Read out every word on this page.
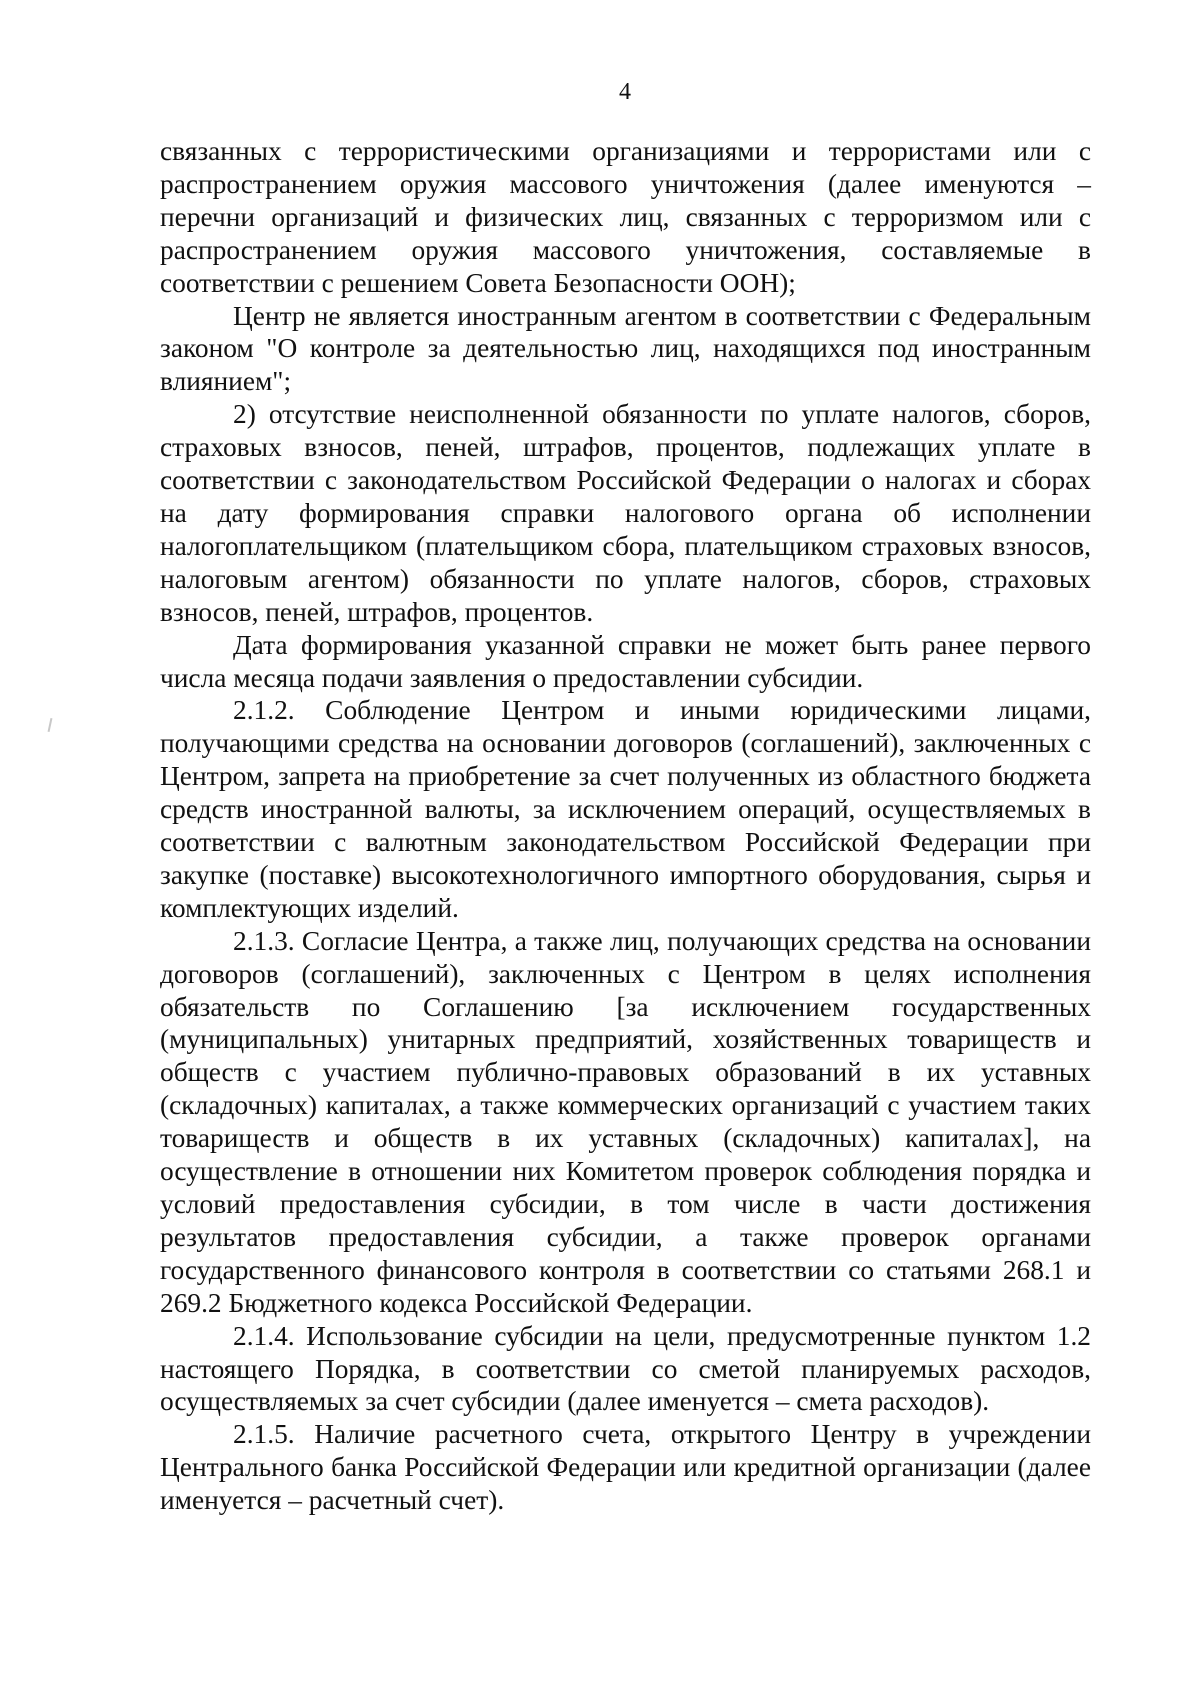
4

связанных с террористическими организациями и террористами или с распространением оружия массового уничтожения (далее именуются – перечни организаций и физических лиц, связанных с терроризмом или с распространением оружия массового уничтожения, составляемые в соответствии с решением Совета Безопасности ООН);

Центр не является иностранным агентом в соответствии с Федеральным законом "О контроле за деятельностью лиц, находящихся под иностранным влиянием";

2) отсутствие неисполненной обязанности по уплате налогов, сборов, страховых взносов, пеней, штрафов, процентов, подлежащих уплате в соответствии с законодательством Российской Федерации о налогах и сборах на дату формирования справки налогового органа об исполнении налогоплательщиком (плательщиком сбора, плательщиком страховых взносов, налоговым агентом) обязанности по уплате налогов, сборов, страховых взносов, пеней, штрафов, процентов.

Дата формирования указанной справки не может быть ранее первого числа месяца подачи заявления о предоставлении субсидии.

2.1.2. Соблюдение Центром и иными юридическими лицами, получающими средства на основании договоров (соглашений), заключенных с Центром, запрета на приобретение за счет полученных из областного бюджета средств иностранной валюты, за исключением операций, осуществляемых в соответствии с валютным законодательством Российской Федерации при закупке (поставке) высокотехнологичного импортного оборудования, сырья и комплектующих изделий.

2.1.3. Согласие Центра, а также лиц, получающих средства на основании договоров (соглашений), заключенных с Центром в целях исполнения обязательств по Соглашению [за исключением государственных (муниципальных) унитарных предприятий, хозяйственных товариществ и обществ с участием публично-правовых образований в их уставных (складочных) капиталах, а также коммерческих организаций с участием таких товариществ и обществ в их уставных (складочных) капиталах], на осуществление в отношении них Комитетом проверок соблюдения порядка и условий предоставления субсидии, в том числе в части достижения результатов предоставления субсидии, а также проверок органами государственного финансового контроля в соответствии со статьями 268.1 и 269.2 Бюджетного кодекса Российской Федерации.

2.1.4. Использование субсидии на цели, предусмотренные пунктом 1.2 настоящего Порядка, в соответствии со сметой планируемых расходов, осуществляемых за счет субсидии (далее именуется – смета расходов).

2.1.5. Наличие расчетного счета, открытого Центру в учреждении Центрального банка Российской Федерации или кредитной организации (далее именуется – расчетный счет).
